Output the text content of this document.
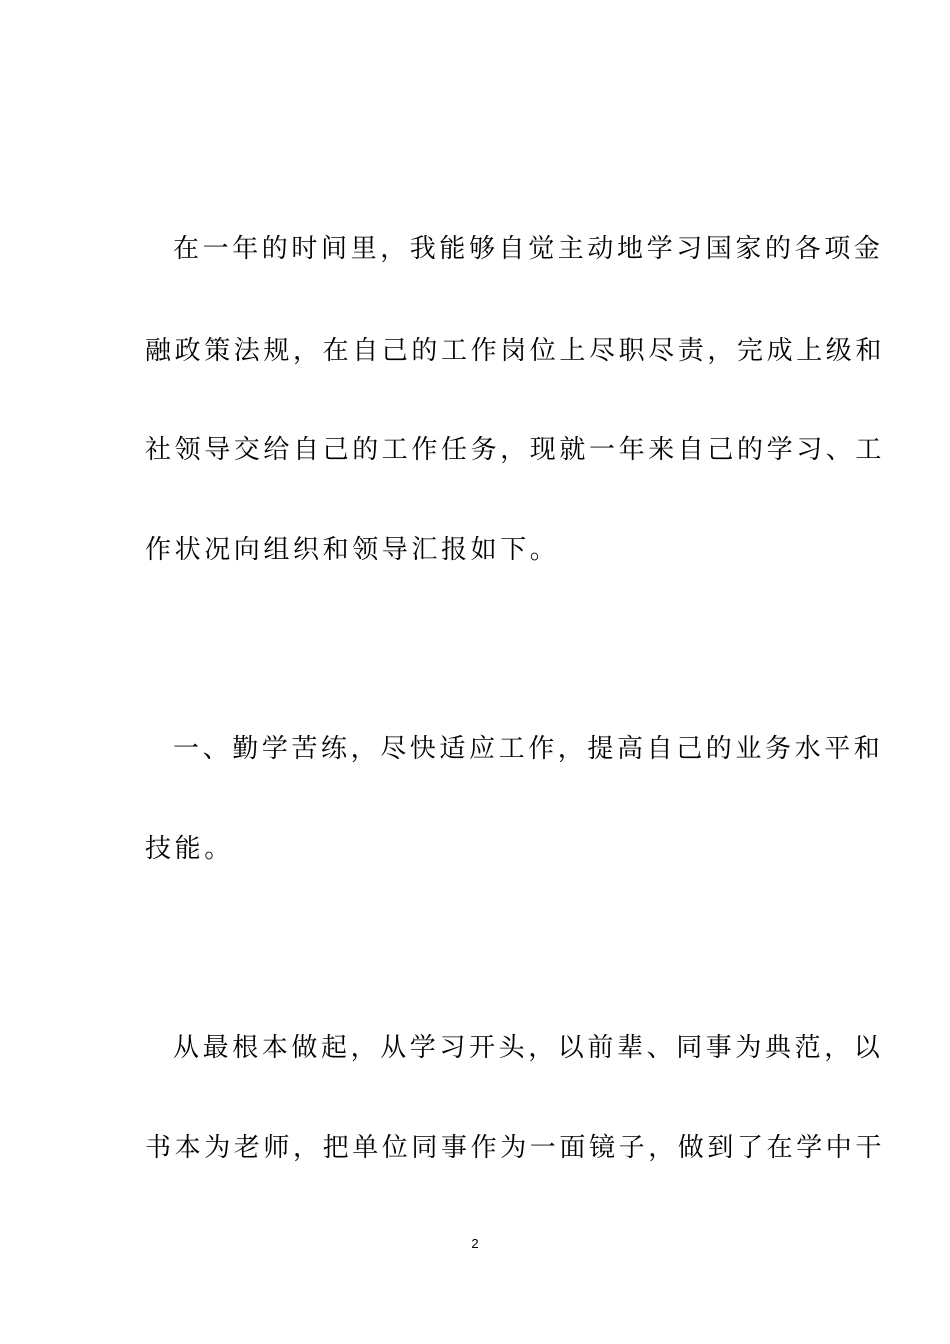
在一年的时间里，我能够自觉主动地学习国家的各项金
融政策法规，在自己的工作岗位上尽职尽责，完成上级和
社领导交给自己的工作任务，现就一年来自己的学习、工
作状况向组织和领导汇报如下。
一、勤学苦练，尽快适应工作，提高自己的业务水平和
技能。
从最根本做起，从学习开头，以前辈、同事为典范，以
书本为老师，把单位同事作为一面镜子，做到了在学中干
2
